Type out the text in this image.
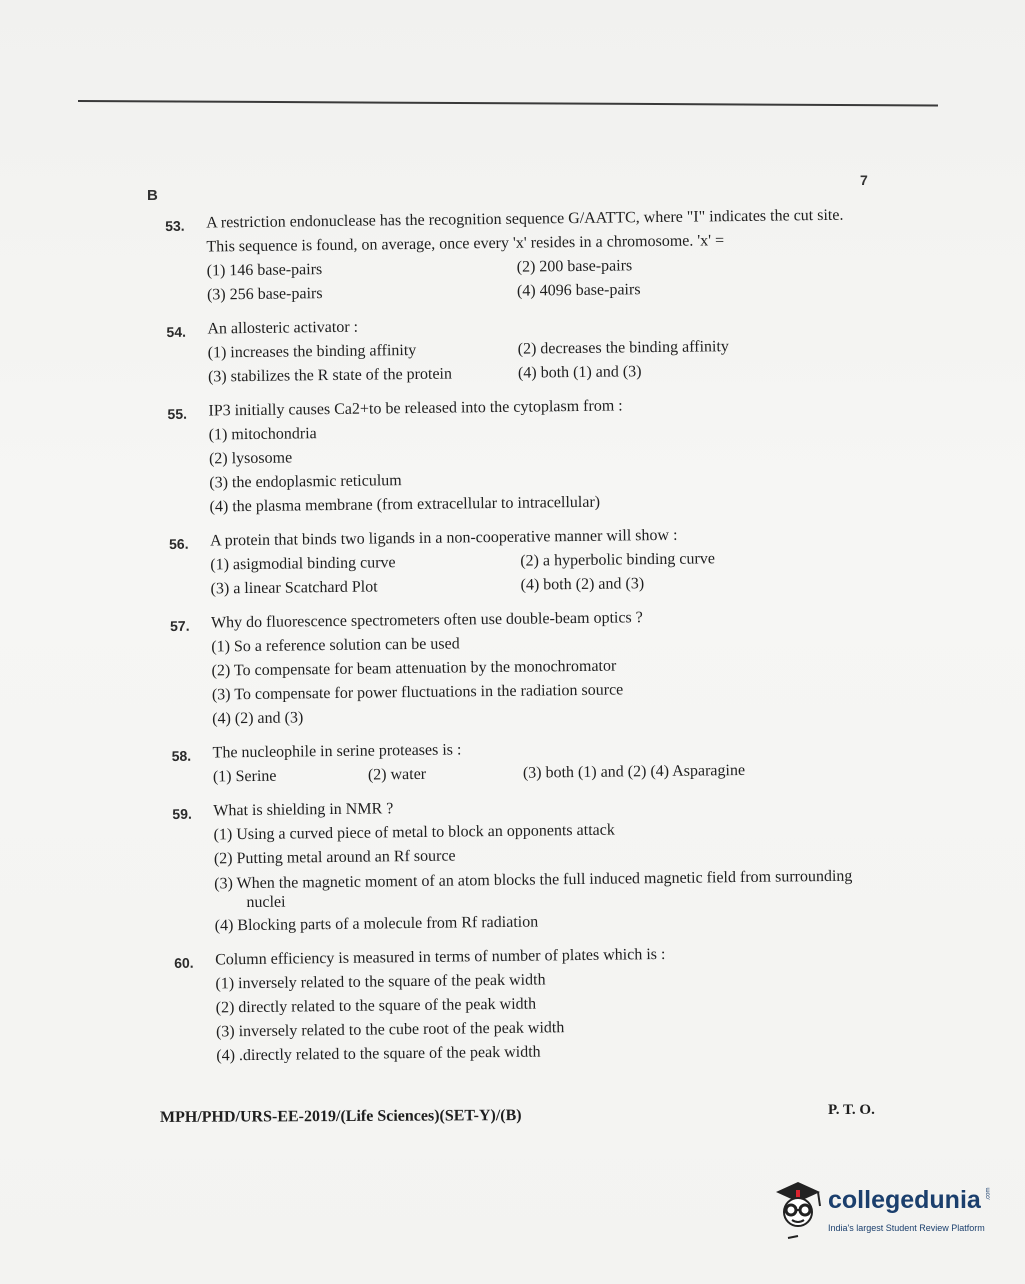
B
7
53. A restriction endonuclease has the recognition sequence G/AATTC, where "I" indicates the cut site. This sequence is found, on average, once every 'x' resides in a chromosome. 'x' =
(1) 146 base-pairs	(2) 200 base-pairs
(3) 256 base-pairs	(4) 4096 base-pairs
54. An allosteric activator :
(1) increases the binding affinity	(2) decreases the binding affinity
(3) stabilizes the R state of the protein	(4) both (1) and (3)
55. IP3 initially causes Ca2+to be released into the cytoplasm from :
(1) mitochondria
(2) lysosome
(3) the endoplasmic reticulum
(4) the plasma membrane (from extracellular to intracellular)
56. A protein that binds two ligands in a non-cooperative manner will show :
(1) asigmodial binding curve	(2) a hyperbolic binding curve
(3) a linear Scatchard Plot	(4) both (2) and (3)
57. Why do fluorescence spectrometers often use double-beam optics ?
(1) So a reference solution can be used
(2) To compensate for beam attenuation by the monochromator
(3) To compensate for power fluctuations in the radiation source
(4) (2) and (3)
58. The nucleophile in serine proteases is :
(1) Serine	(2) water	(3) both (1) and (2) (4) Asparagine
59. What is shielding in NMR ?
(1) Using a curved piece of metal to block an opponents attack
(2) Putting metal around an Rf source
(3) When the magnetic moment of an atom blocks the full induced magnetic field from surrounding nuclei
(4) Blocking parts of a molecule from Rf radiation
60. Column efficiency is measured in terms of number of plates which is :
(1) inversely related to the square of the peak width
(2) directly related to the square of the peak width
(3) inversely related to the cube root of the peak width
(4) .directly related to the square of the peak width
MPH/PHD/URS-EE-2019/(Life Sciences)(SET-Y)/(B)	P. T. O.
collegedunia .com
India's largest Student Review Platform
